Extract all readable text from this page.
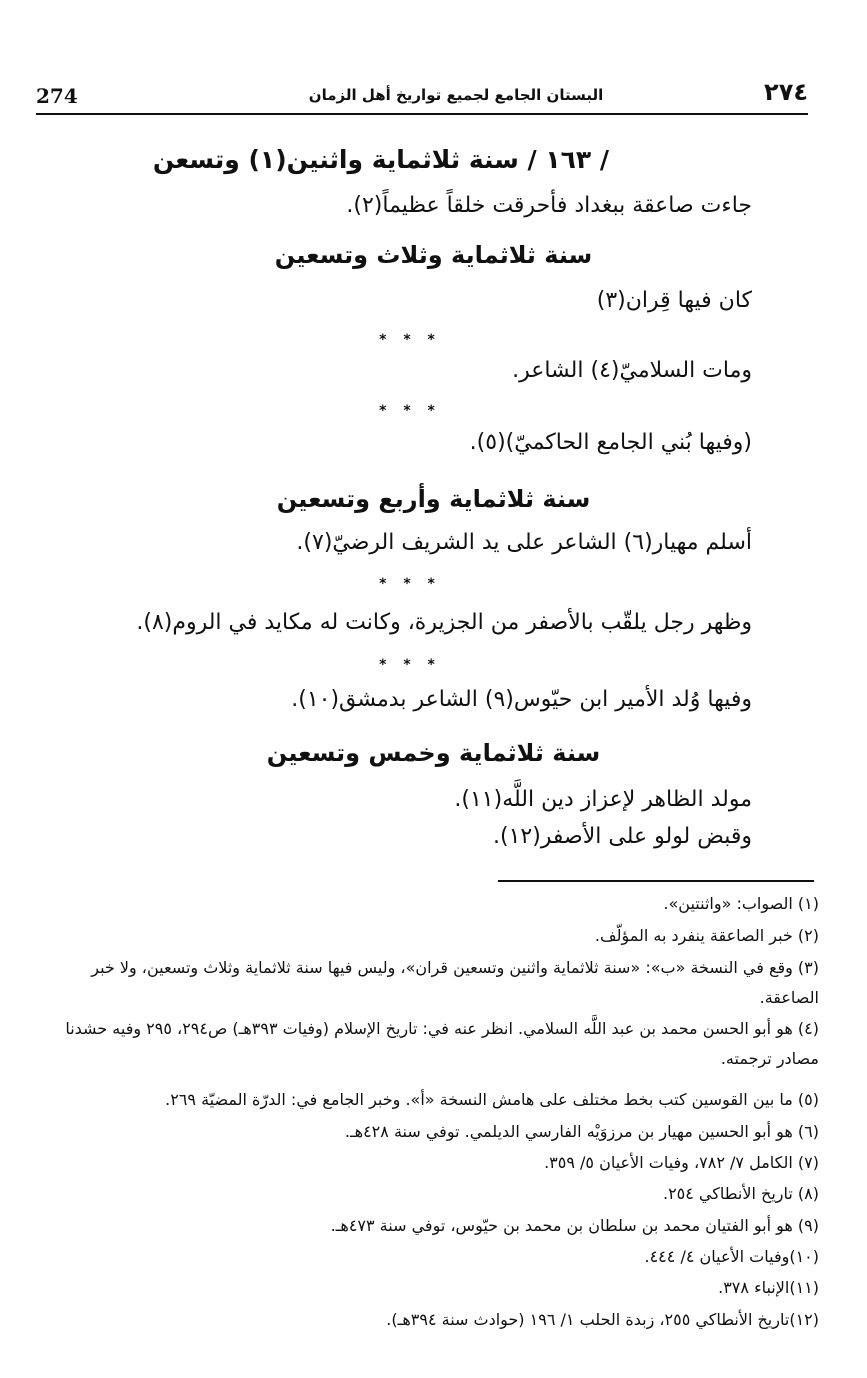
274	البستان الجامع لجميع تواريخ أهل الزمان	٢٧٤
/ ١٦٣ / سنة ثلاثماية واثنين(١) وتسعن
جاءت صاعقة ببغداد فأحرقت خلقاً عظيماً(٢).
سنة ثلاثماية وثلاث وتسعين
كان فيها قِران(٣)
* * *
ومات السلاميّ(٤) الشاعر.
* * *
(وفيها بُني الجامع الحاكميّ)(٥).
سنة ثلاثماية وأربع وتسعين
أسلم مهيار(٦) الشاعر على يد الشريف الرضيّ(٧).
* * *
وظهر رجل يلقّب بالأصفر من الجزيرة، وكانت له مكايد في الروم(٨).
* * *
وفيها وُلد الأمير ابن حيّوس(٩) الشاعر بدمشق(١٠).
سنة ثلاثماية وخمس وتسعين
مولد الظاهر لإعزاز دين اللَّه(١١).
وقبض لولو على الأصفر(١٢).
(١) الصواب: «واثنتين».
(٢) خبر الصاعقة ينفرد به المؤلّف.
(٣) وقع في النسخة «ب»: «سنة ثلاثماية واثنين وتسعين قران»، وليس فيها سنة ثلاثماية وثلاث وتسعين، ولا خبر الصاعقة.
(٤) هو أبو الحسن محمد بن عبد اللَّه السلامي. انظر عنه في: تاريخ الإسلام (وفيات ٣٩٣هـ) ص٢٩٤، ٢٩٥ وفيه حشدنا مصادر ترجمته.
(٥) ما بين القوسين كتب بخط مختلف على هامش النسخة «أ». وخبر الجامع في: الدرّة المضيّة ٢٦٩.
(٦) هو أبو الحسين مهيار بن مرزوَيْه الفارسي الديلمي. توفي سنة ٤٢٨هـ.
(٧) الكامل ٧/ ٧٨٢، وفيات الأعيان ٥/ ٣٥٩.
(٨) تاريخ الأنطاكي ٢٥٤.
(٩) هو أبو الفتيان محمد بن سلطان بن محمد بن حيّوس، توفي سنة ٤٧٣هـ.
(١٠)وفيات الأعيان ٤/ ٤٤٤.
(١١)الإنباء ٣٧٨.
(١٢)تاريخ الأنطاكي ٢٥٥، زبدة الحلب ١/ ١٩٦ (حوادث سنة ٣٩٤هـ).
